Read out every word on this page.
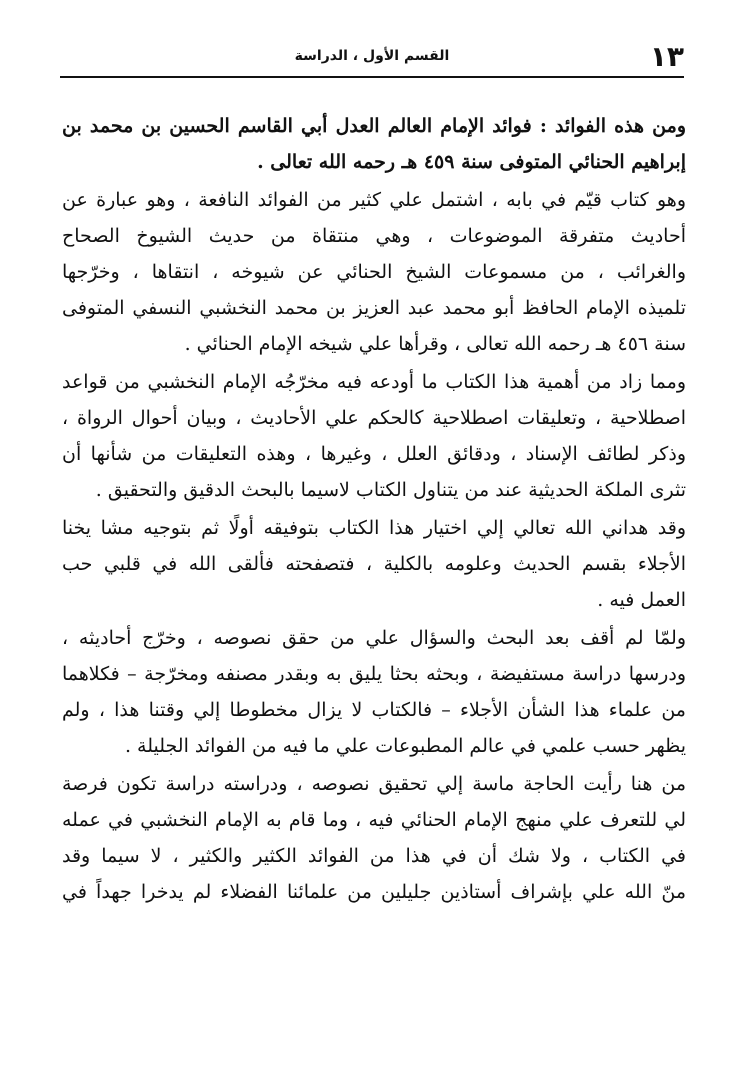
١٣
القسم الأول ، الدراسة
ومن هذه الفوائد : فوائد الإمام العالم العدل أبي القاسم الحسين بن محمد بن
إبراهيم الحنائي المتوفى سنة ٤٥٩ هـ رحمه الله تعالى .
وهو كتاب قيّم في بابه ، اشتمل علي كثير من الفوائد النافعة ، وهو عبارة عن
أحاديث متفرقة الموضوعات ، وهي منتقاة من حديث الشيوخ الصحاح
والغرائب ، من مسموعات الشيخ الحنائي عن شيوخه ، انتقاها ، وخرّجها
تلميذه الإمام الحافظ أبو محمد عبد العزيز بن محمد النخشبي النسفي المتوفى
سنة ٤٥٦ هـ رحمه الله تعالى ، وقرأها علي شيخه الإمام الحنائي .
ومما زاد من أهمية هذا الكتاب ما أودعه فيه مخرّجُه الإمام النخشبي من قواعد
اصطلاحية ، وتعليقات اصطلاحية كالحكم علي الأحاديث ، وبيان أحوال الرواة ،
وذكر لطائف الإسناد ، ودقائق العلل ، وغيرها ، وهذه التعليقات من شأنها أن
تثرى الملكة الحديثية عند من يتناول الكتاب لاسيما بالبحث الدقيق والتحقيق .
وقد هداني الله تعالي إلي اختيار هذا الكتاب بتوفيقه أولًا ثم بتوجيه مشا يخنا
الأجلاء بقسم الحديث وعلومه بالكلية ، فتصفحته فألقى الله في قلبي حب
العمل فيه .
ولمّا لم أقف بعد البحث والسؤال علي من حقق نصوصه ، وخرّج أحاديثه ،
ودرسها دراسة مستفيضة ، وبحثه بحثا يليق به وبقدر مصنفه ومخرّجة – فكلاهما
من علماء هذا الشأن الأجلاء – فالكتاب لا يزال مخطوطا إلي وقتنا هذا ، ولم
يظهر حسب علمي في عالم المطبوعات علي ما فيه من الفوائد الجليلة .
من هنا رأيت الحاجة ماسة إلي تحقيق نصوصه ، ودراسته دراسة تكون فرصة
لي للتعرف علي منهج الإمام الحنائي فيه ، وما قام به الإمام النخشبي في عمله
في الكتاب ، ولا شك أن في هذا من الفوائد الكثير والكثير ، لا سيما وقد
منّ الله علي بإشراف أستاذين جليلين من علمائنا الفضلاء لم يدخرا جهداً في
